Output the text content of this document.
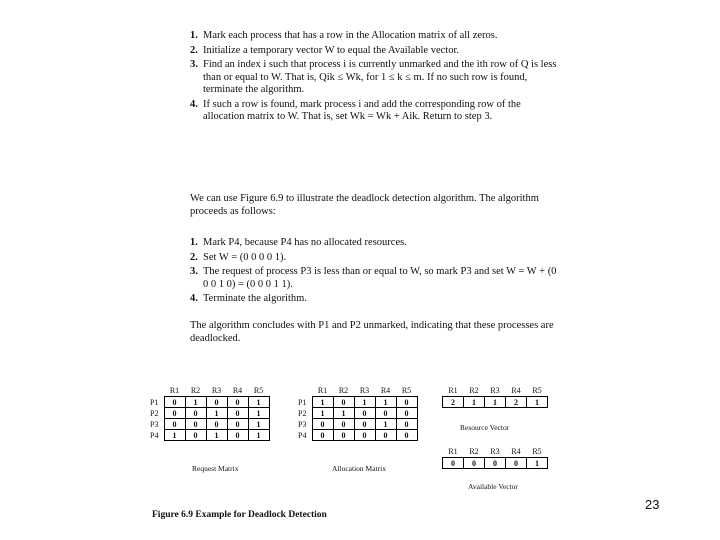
1. Mark each process that has a row in the Allocation matrix of all zeros.
2. Initialize a temporary vector W to equal the Available vector.
3. Find an index i such that process i is currently unmarked and the ith row of Q is less than or equal to W. That is, Qik ≤ Wk, for 1 ≤ k ≤ m. If no such row is found, terminate the algorithm.
4. If such a row is found, mark process i and add the corresponding row of the allocation matrix to W. That is, set Wk = Wk + Aik. Return to step 3.
We can use Figure 6.9 to illustrate the deadlock detection algorithm. The algorithm proceeds as follows:
1. Mark P4, because P4 has no allocated resources.
2. Set W = (0 0 0 0 1).
3. The request of process P3 is less than or equal to W, so mark P3 and set W = W + (0 0 0 1 0) = (0 0 0 1 1).
4. Terminate the algorithm.
The algorithm concludes with P1 and P2 unmarked, indicating that these processes are deadlocked.
	R1	R2	R3	R4	R5
P1	0	1	0	0	1
P2	0	0	1	0	1
P3	0	0	0	0	1
P4	1	0	1	0	1
Request Matrix
	R1	R2	R3	R4	R5
P1	1	0	1	1	0
P2	1	1	0	0	0
P3	0	0	0	1	0
P4	0	0	0	0	0
Allocation Matrix
R1	R2	R3	R4	R5
2	1	1	2	1
Resource Vector
R1	R2	R3	R4	R5
0	0	0	0	1
Available Vector
Figure 6.9 Example for Deadlock Detection
23
